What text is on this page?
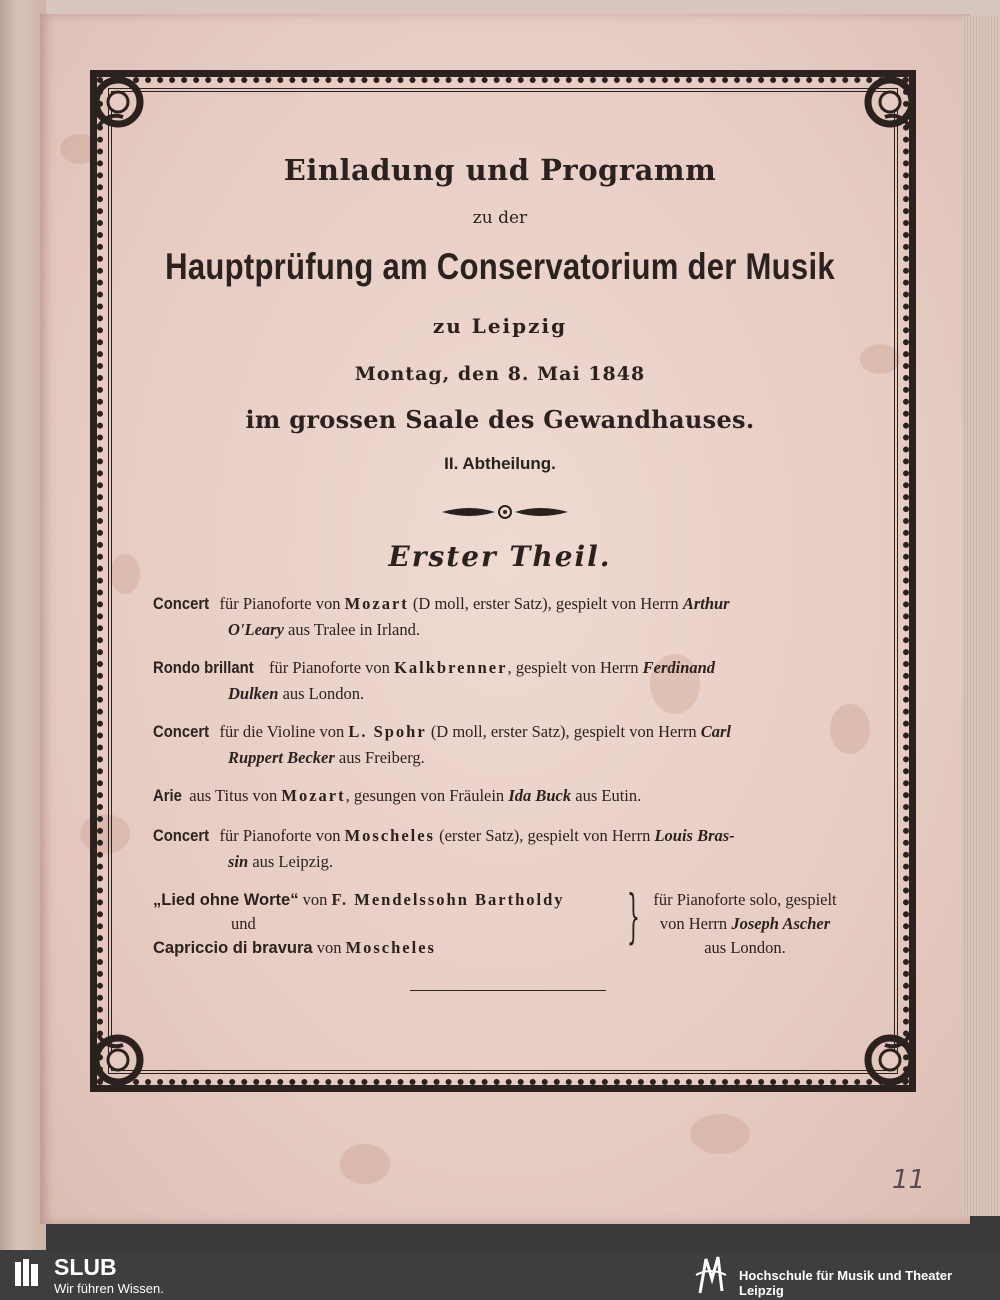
Einladung und Programm
zu der
Hauptprüfung am Conservatorium der Musik
zu Leipzig
Montag, den 8. Mai 1848
im grossen Saale des Gewandhauses.
II. Abtheilung.
Erster Theil.
Concert für Pianoforte von Mozart (D moll, erster Satz), gespielt von Herrn Arthur
O'Leary aus Tralee in Irland.
Rondo brillant für Pianoforte von Kalkbrenner, gespielt von Herrn Ferdinand
Dulken aus London.
Concert für die Violine von L. Spohr (D moll, erster Satz), gespielt von Herrn Carl
Ruppert Becker aus Freiberg.
Arie aus Titus von Mozart, gesungen von Fräulein Ida Buck aus Eutin.
Concert für Pianoforte von Moscheles (erster Satz), gespielt von Herrn Louis Bras-
sin aus Leipzig.
„Lied ohne Worte“ von F. Mendelssohn Bartholdy
und
Capriccio di bravura von Moscheles	} für Pianoforte solo, gespielt
von Herrn Joseph Ascher
aus London.
11
SLUB
Wir führen Wissen.
Hochschule für Musik und Theater Leipzig
